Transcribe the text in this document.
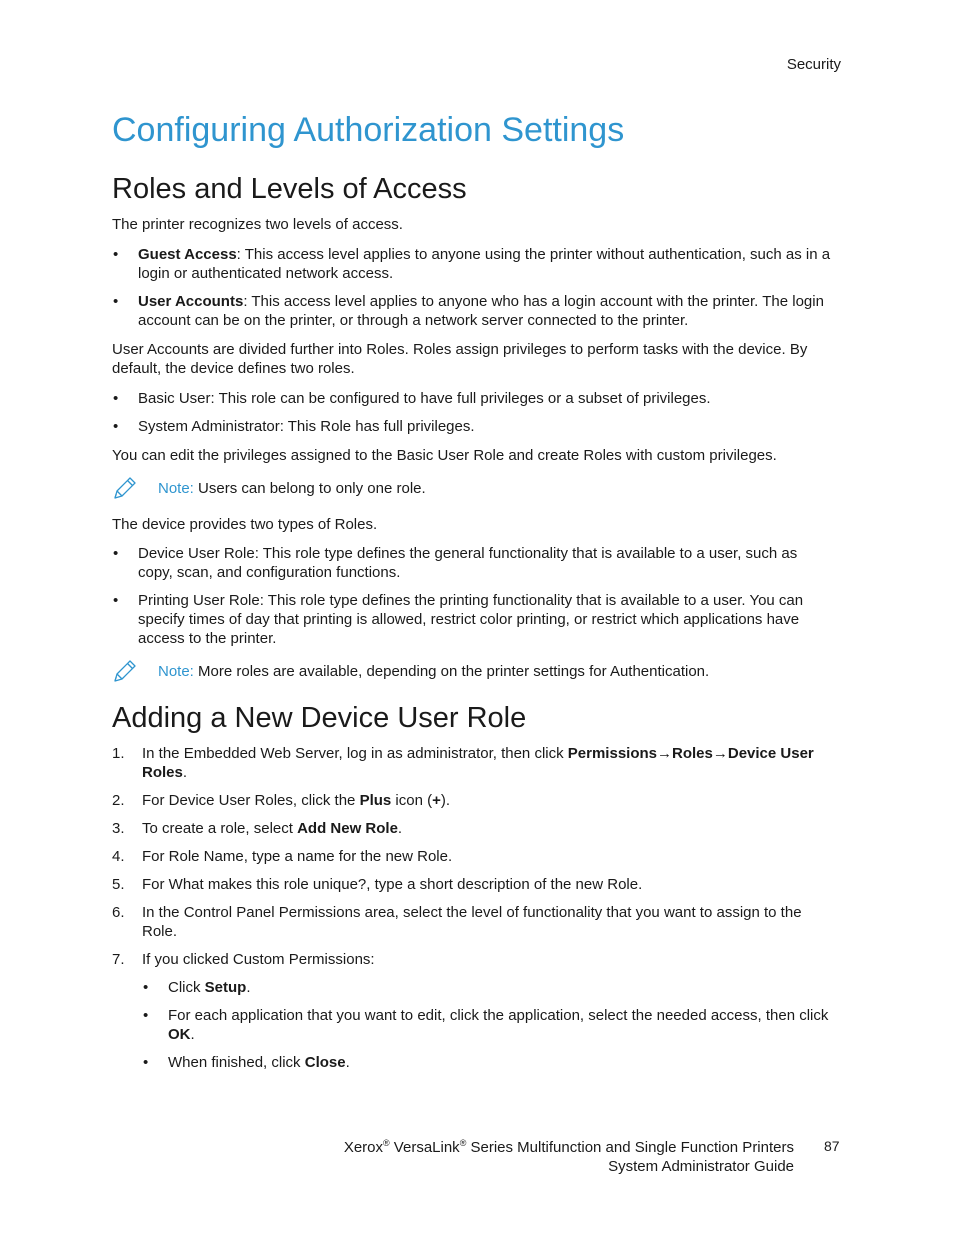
Security
Configuring Authorization Settings
Roles and Levels of Access

The printer recognizes two levels of access.

• Guest Access: This access level applies to anyone using the printer without authentication, such as in a login or authenticated network access.
• User Accounts: This access level applies to anyone who has a login account with the printer. The login account can be on the printer, or through a network server connected to the printer.

User Accounts are divided further into Roles. Roles assign privileges to perform tasks with the device. By default, the device defines two roles.

• Basic User: This role can be configured to have full privileges or a subset of privileges.
• System Administrator: This Role has full privileges.

You can edit the privileges assigned to the Basic User Role and create Roles with custom privileges.

Note: Users can belong to only one role.

The device provides two types of Roles.

• Device User Role: This role type defines the general functionality that is available to a user, such as copy, scan, and configuration functions.
• Printing User Role: This role type defines the printing functionality that is available to a user. You can specify times of day that printing is allowed, restrict color printing, or restrict which applications have access to the printer.
Note: More roles are available, depending on the printer settings for Authentication.
Adding a New Device User Role
1. In the Embedded Web Server, log in as administrator, then click Permissions→Roles→Device User Roles.
2. For Device User Roles, click the Plus icon (+).
3. To create a role, select Add New Role.
4. For Role Name, type a name for the new Role.
5. For What makes this role unique?, type a short description of the new Role.
6. In the Control Panel Permissions area, select the level of functionality that you want to assign to the Role.
7. If you clicked Custom Permissions:
• Click Setup.
• For each application that you want to edit, click the application, select the needed access, then click OK.
• When finished, click Close.
Xerox® VersaLink® Series Multifunction and Single Function Printers
System Administrator Guide
87
